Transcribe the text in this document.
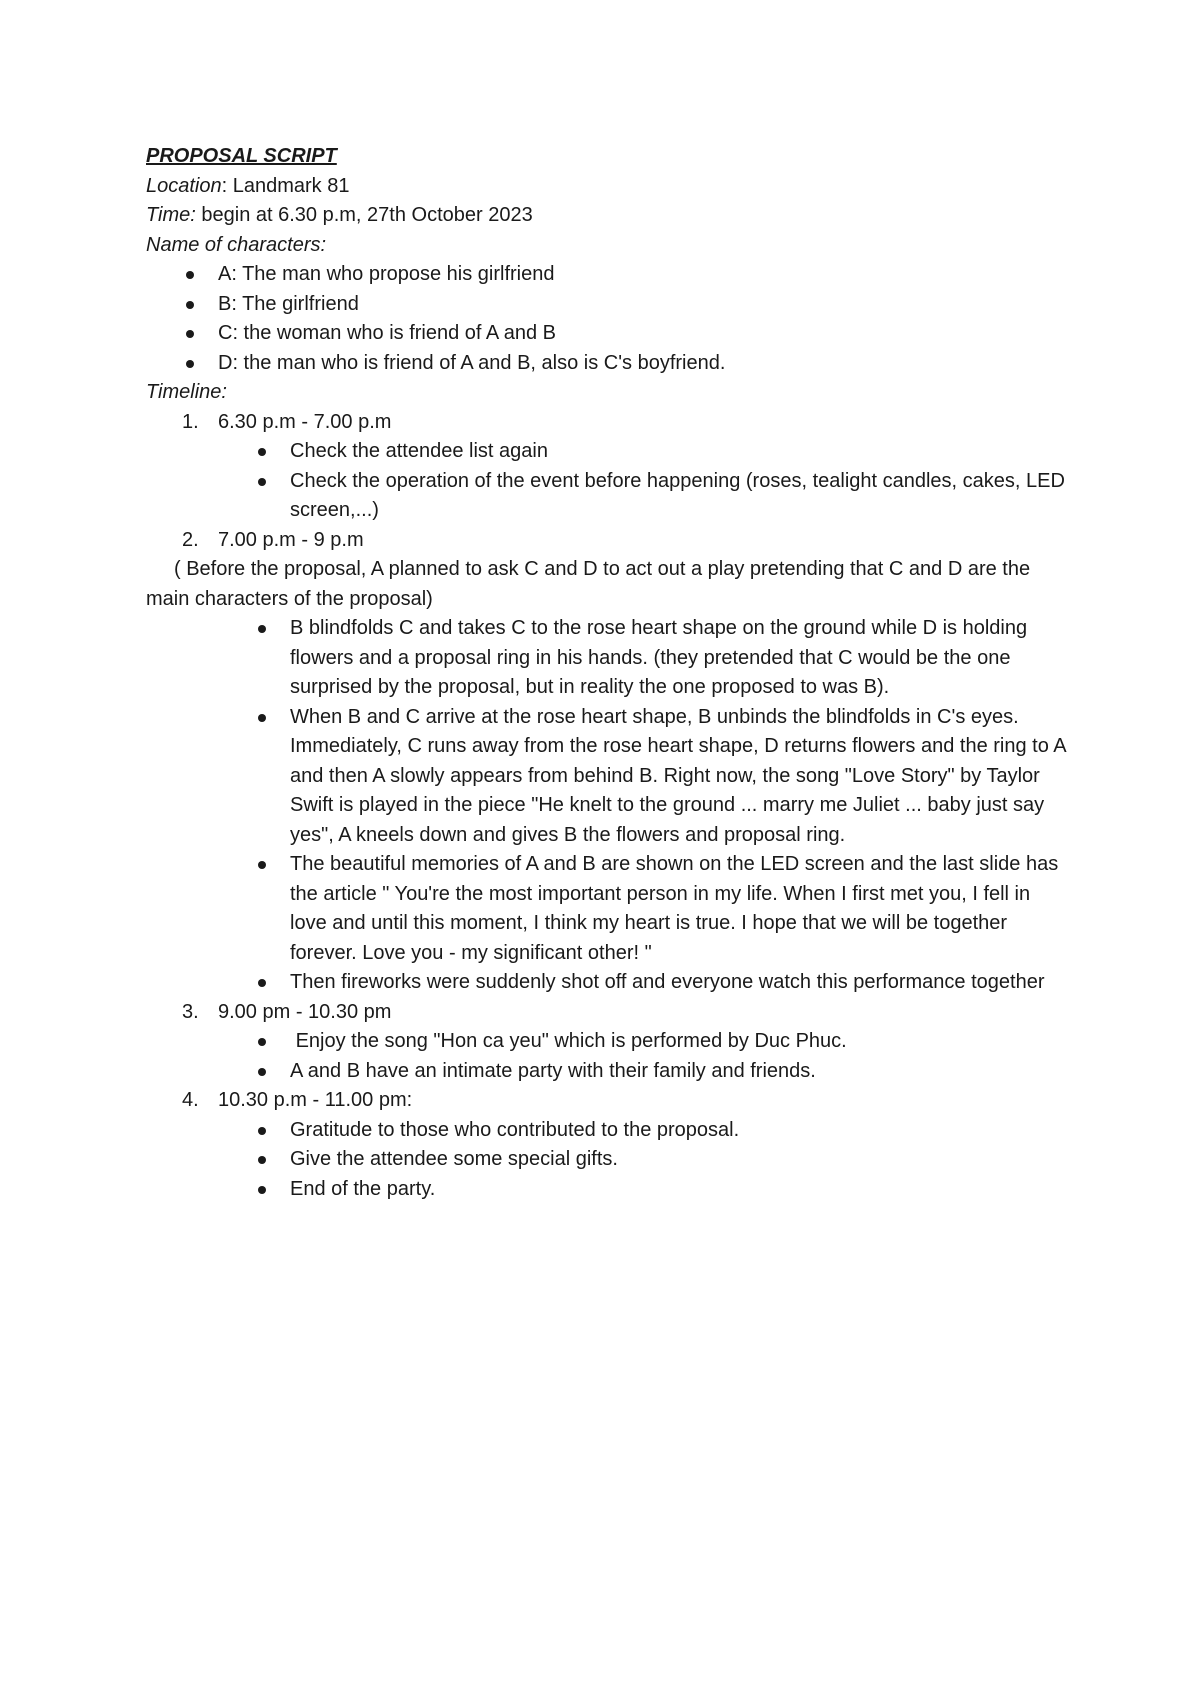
PROPOSAL SCRIPT

Location: Landmark 81

Time: begin at 6.30 p.m, 27th October 2023

Name of characters:

A: The man who propose his girlfriend
B: The girlfriend
C: the woman who is friend of A and B
D: the man who is friend of A and B, also is C's boyfriend.

Timeline:

1. 6.30 p.m - 7.00 p.m
Check the attendee list again
Check the operation of the event before happening (roses, tealight candles, cakes, LED screen,...)
2. 7.00 p.m - 9 p.m

( Before the proposal, A planned to ask C and D to act out a play pretending that C and D are the main characters of the proposal)

B blindfolds C and takes C to the rose heart shape on the ground while D is holding flowers and a proposal ring in his hands. (they pretended that C would be the one surprised by the proposal, but in reality the one proposed to was B).
When B and C arrive at the rose heart shape, B unbinds the blindfolds in C's eyes. Immediately, C runs away from the rose heart shape, D returns flowers and the ring to A and then A slowly appears from behind B. Right now, the song "Love Story" by Taylor Swift is played in the piece "He knelt to the ground ... marry me Juliet ... baby just say yes", A kneels down and gives B the flowers and proposal ring.
The beautiful memories of A and B are shown on the LED screen and the last slide has the article " You're the most important person in my life. When I first met you, I fell in love and until this moment, I think my heart is true. I hope that we will be together forever. Love you - my significant other! "
Then fireworks were suddenly shot off and everyone watch this performance together
3. 9.00 pm - 10.30 pm
Enjoy the song "Hon ca yeu" which is performed by Duc Phuc.
A and B have an intimate party with their family and friends.
4. 10.30 p.m - 11.00 pm:
Gratitude to those who contributed to the proposal.
Give the attendee some special gifts.
End of the party.
